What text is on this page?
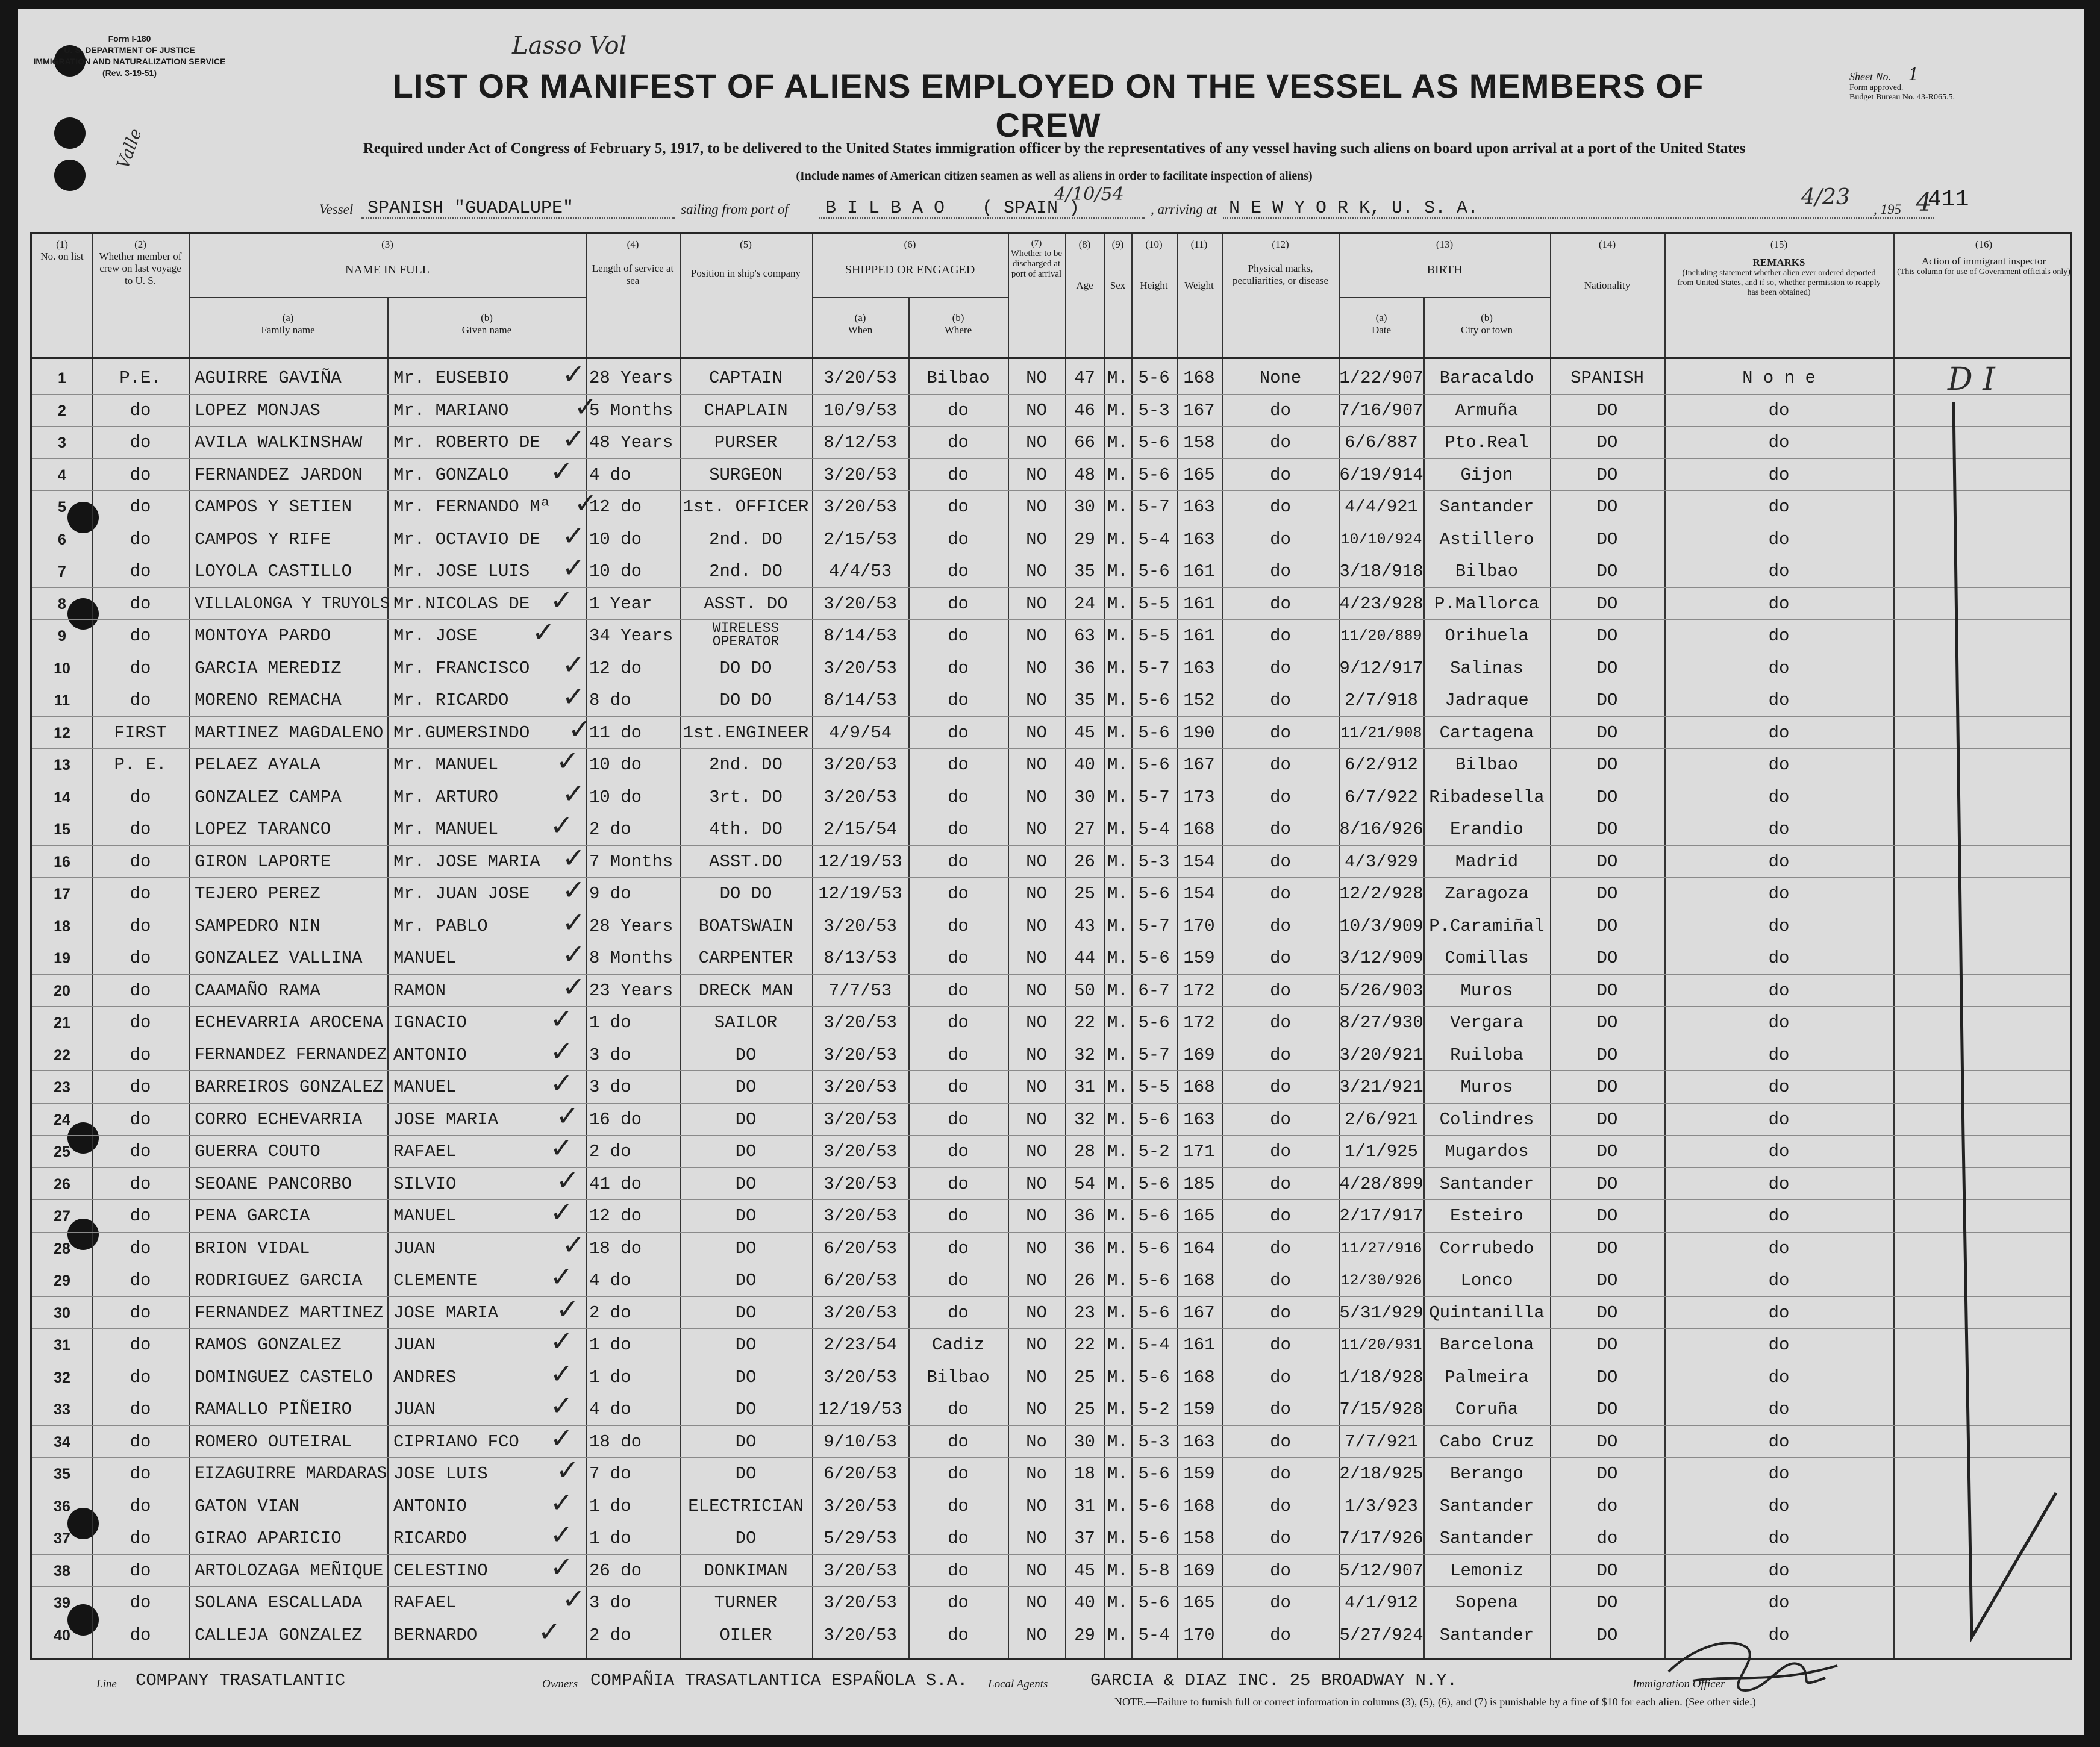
Form I-180
U. S. DEPARTMENT OF JUSTICE
IMMIGRATION AND NATURALIZATION SERVICE
(Rev. 3-19-51)
Lasso Vol
Valle
LIST OR MANIFEST OF ALIENS EMPLOYED ON THE VESSEL AS MEMBERS OF CREW
Sheet No. 1
Form approved.
Budget Bureau No. 43-R065.5.
Required under Act of Congress of February 5, 1917, to be delivered to the United States immigration officer by the representatives of any vessel having such aliens on board upon arrival at a port of the United States
(Include names of American citizen seamen as well as aliens in order to facilitate inspection of aliens)
Vessel SPANISH "GUADALUPE"	sailing from port of B I L B A O ( SPAIN )
4/10/54
, arriving at N E W Y O R K, U. S. A.	4/23 , 195 4
411
(1)
No. on list
(2)
Whether member of crew on last voyage to U. S.
(3)
NAME IN FULL
(a)
Family name
(b)
Given name
(4)
Length of service at sea
(5)
Position in ship's company
(6)
SHIPPED OR ENGAGED
(a)
When
(b)
Where
(7)
Whether to be discharged at port of arrival
(8)
Age
(9)
Sex
(10)
Height
(11)
Weight
(12)
Physical marks, peculiarities, or disease
(13)
BIRTH
(a)
Date
(b)
City or town
(14)
Nationality
(15)
REMARKS
(Including statement whether alien ever ordered deported from United States, and if so, whether permission to reapply has been obtained)
(16)
Action of immigrant inspector
(This column for use of Government officials only)
1	P.E.	AGUIRRE GAVIÑA	Mr. EUSEBIO	28 Years	CAPTAIN	3/20/53	Bilbao	NO	47 M. 5-6 168	None	1/22/907 Baracaldo	SPANISH	N o n e
✓
2	do	LOPEZ MONJAS	Mr. MARIANO	5 Months	CHAPLAIN	10/9/53	do	NO	46 M. 5-3 167	do	7/16/907	Armuña	DO	do
✓
3	do	AVILA WALKINSHAW	Mr. ROBERTO DE	48 Years	PURSER	8/12/53	do	NO	66 M. 5-6 158	do	6/6/887	Pto.Real	DO	do
✓
4	do	FERNANDEZ JARDON	Mr. GONZALO	4 do	SURGEON	3/20/53	do	NO	48 M. 5-6 165	do	6/19/914	Gijon	DO	do
✓
5	do	CAMPOS Y SETIEN	Mr. FERNANDO Mª	12 do	1st. OFFICER 3/20/53	do	NO	30 M. 5-7 163	do	4/4/921	Santander	DO	do
✓
6	do	CAMPOS Y RIFE	Mr. OCTAVIO DE	10 do	2nd. DO	2/15/53	do	NO	29 M. 5-4 163	do	10/10/924	Astillero	DO	do
✓
7	do	LOYOLA CASTILLO	Mr. JOSE LUIS	10 do	2nd. DO	4/4/53	do	NO	35 M. 5-6 161	do	3/18/918	Bilbao	DO	do
✓
8	do	VILLALONGA Y TRUYOLS Mr.NICOLAS DE	1 Year	ASST. DO	3/20/53	do	NO	24 M. 5-5 161	do	4/23/928 P.Mallorca	DO	do
✓
9	do	MONTOYA PARDO	Mr. JOSE	34 Years	WIRELESS OPERATOR	8/14/53	do	NO	63 M. 5-5 161	do	11/20/889	Orihuela	DO	do
✓
10	do	GARCIA MEREDIZ	Mr. FRANCISCO	12 do	DO DO	3/20/53	do	NO	36 M. 5-7 163	do	9/12/917	Salinas	DO	do
✓
11	do	MORENO REMACHA	Mr. RICARDO	8 do	DO DO	8/14/53	do	NO	35 M. 5-6 152	do	2/7/918	Jadraque	DO	do
✓
12	FIRST	MARTINEZ MAGDALENO Mr.GUMERSINDO	11 do	1st.ENGINEER	4/9/54	do	NO	45 M. 5-6 190	do	11/21/908	Cartagena	DO	do
✓
13	P. E.	PELAEZ AYALA	Mr. MANUEL	10 do	2nd. DO	3/20/53	do	NO	40 M. 5-6 167	do	6/2/912	Bilbao	DO	do
✓
14	do	GONZALEZ CAMPA	Mr. ARTURO	10 do	3rt. DO	3/20/53	do	NO	30 M. 5-7 173	do	6/7/922 Ribadesella	DO	do
✓
15	do	LOPEZ TARANCO	Mr. MANUEL	2 do	4th. DO	2/15/54	do	NO	27 M. 5-4 168	do	8/16/926	Erandio	DO	do
✓
16	do	GIRON LAPORTE	Mr. JOSE MARIA	7 Months	ASST.DO	12/19/53	do	NO	26 M. 5-3 154	do	4/3/929	Madrid	DO	do
✓
17	do	TEJERO PEREZ	Mr. JUAN JOSE	9 do	DO DO	12/19/53	do	NO	25 M. 5-6 154	do	12/2/928	Zaragoza	DO	do
✓
18	do	SAMPEDRO NIN	Mr. PABLO	28 Years	BOATSWAIN	3/20/53	do	NO	43 M. 5-7 170	do	10/3/909 P.Caramiñal	DO	do
✓
19	do	GONZALEZ VALLINA	MANUEL	8 Months	CARPENTER	8/13/53	do	NO	44 M. 5-6 159	do	3/12/909	Comillas	DO	do
✓
20	do	CAAMAÑO RAMA	RAMON	23 Years	DRECK MAN	7/7/53	do	NO	50 M. 6-7 172	do	5/26/903	Muros	DO	do
✓
21	do	ECHEVARRIA AROCENA IGNACIO	1 do	SAILOR	3/20/53	do	NO	22 M. 5-6 172	do	8/27/930	Vergara	DO	do
✓
22	do	FERNANDEZ FERNANDEZ ANTONIO	3 do	DO	3/20/53	do	NO	32 M. 5-7 169	do	3/20/921	Ruiloba	DO	do
✓
23	do	BARREIROS GONZALEZ MANUEL	3 do	DO	3/20/53	do	NO	31 M. 5-5 168	do	3/21/921	Muros	DO	do
✓
24	do	CORRO ECHEVARRIA	JOSE MARIA	16 do	DO	3/20/53	do	NO	32 M. 5-6 163	do	2/6/921	Colindres	DO	do
✓
25	do	GUERRA COUTO	RAFAEL	2 do	DO	3/20/53	do	NO	28 M. 5-2 171	do	1/1/925	Mugardos	DO	do
✓
26	do	SEOANE PANCORBO	SILVIO	41 do	DO	3/20/53	do	NO	54 M. 5-6 185	do	4/28/899 Santander	DO	do
✓
27	do	PENA GARCIA	MANUEL	12 do	DO	3/20/53	do	NO	36 M. 5-6 165	do	2/17/917	Esteiro	DO	do
✓
28	do	BRION VIDAL	JUAN	18 do	DO	6/20/53	do	NO	36 M. 5-6 164	do	11/27/916	Corrubedo	DO	do
✓
29	do	RODRIGUEZ GARCIA	CLEMENTE	4 do	DO	6/20/53	do	NO	26 M. 5-6 168	do	12/30/926	Lonco	DO	do
✓
30	do	FERNANDEZ MARTINEZ JOSE MARIA	2 do	DO	3/20/53	do	NO	23 M. 5-6 167	do	5/31/929 Quintanilla	DO	do
✓
31	do	RAMOS GONZALEZ	JUAN	1 do	DO	2/23/54	Cadiz	NO	22 M. 5-4 161	do	11/20/931	Barcelona	DO	do
✓
32	do	DOMINGUEZ CASTELO	ANDRES	1 do	DO	3/20/53	Bilbao	NO	25 M. 5-6 168	do	1/18/928	Palmeira	DO	do
✓
33	do	RAMALLO PIÑEIRO	JUAN	4 do	DO	12/19/53	do	NO	25 M. 5-2 159	do	7/15/928	Coruña	DO	do
✓
34	do	ROMERO OUTEIRAL	CIPRIANO FCO	18 do	DO	9/10/53	do	No	30 M. 5-3 163	do	7/7/921	Cabo Cruz	DO	do
✓
35	do	EIZAGUIRRE MARDARAS JOSE LUIS	7 do	DO	6/20/53	do	No	18 M. 5-6 159	do	2/18/925	Berango	DO	do
✓
36	do	GATON VIAN	ANTONIO	1 do	ELECTRICIAN	3/20/53	do	NO	31 M. 5-6 168	do	1/3/923	Santander	do	do
✓
37	do	GIRAO APARICIO	RICARDO	1 do	DO	5/29/53	do	NO	37 M. 5-6 158	do	7/17/926 Santander	do	do
✓
38	do	ARTOLOZAGA MEÑIQUE CELESTINO	26 do	DONKIMAN	3/20/53	do	NO	45 M. 5-8 169	do	5/12/907	Lemoniz	DO	do
✓
39	do	SOLANA ESCALLADA	RAFAEL	3 do	TURNER	3/20/53	do	NO	40 M. 5-6 165	do	4/1/912	Sopena	DO	do
✓
40	do	CALLEJA GONZALEZ	BERNARDO	2 do	OILER	3/20/53	do	NO	29 M. 5-4 170	do	5/27/924 Santander	DO	do
✓
D I
Line COMPANY TRASATLANTIC	Owners COMPAÑIA TRASATLANTICA ESPAÑOLA S.A. Local Agents GARCIA & DIAZ INC. 25 BROADWAY N.Y.	Immigration Officer
NOTE.—Failure to furnish full or correct information in columns (3), (5), (6), and (7) is punishable by a fine of $10 for each alien. (See other side.)
